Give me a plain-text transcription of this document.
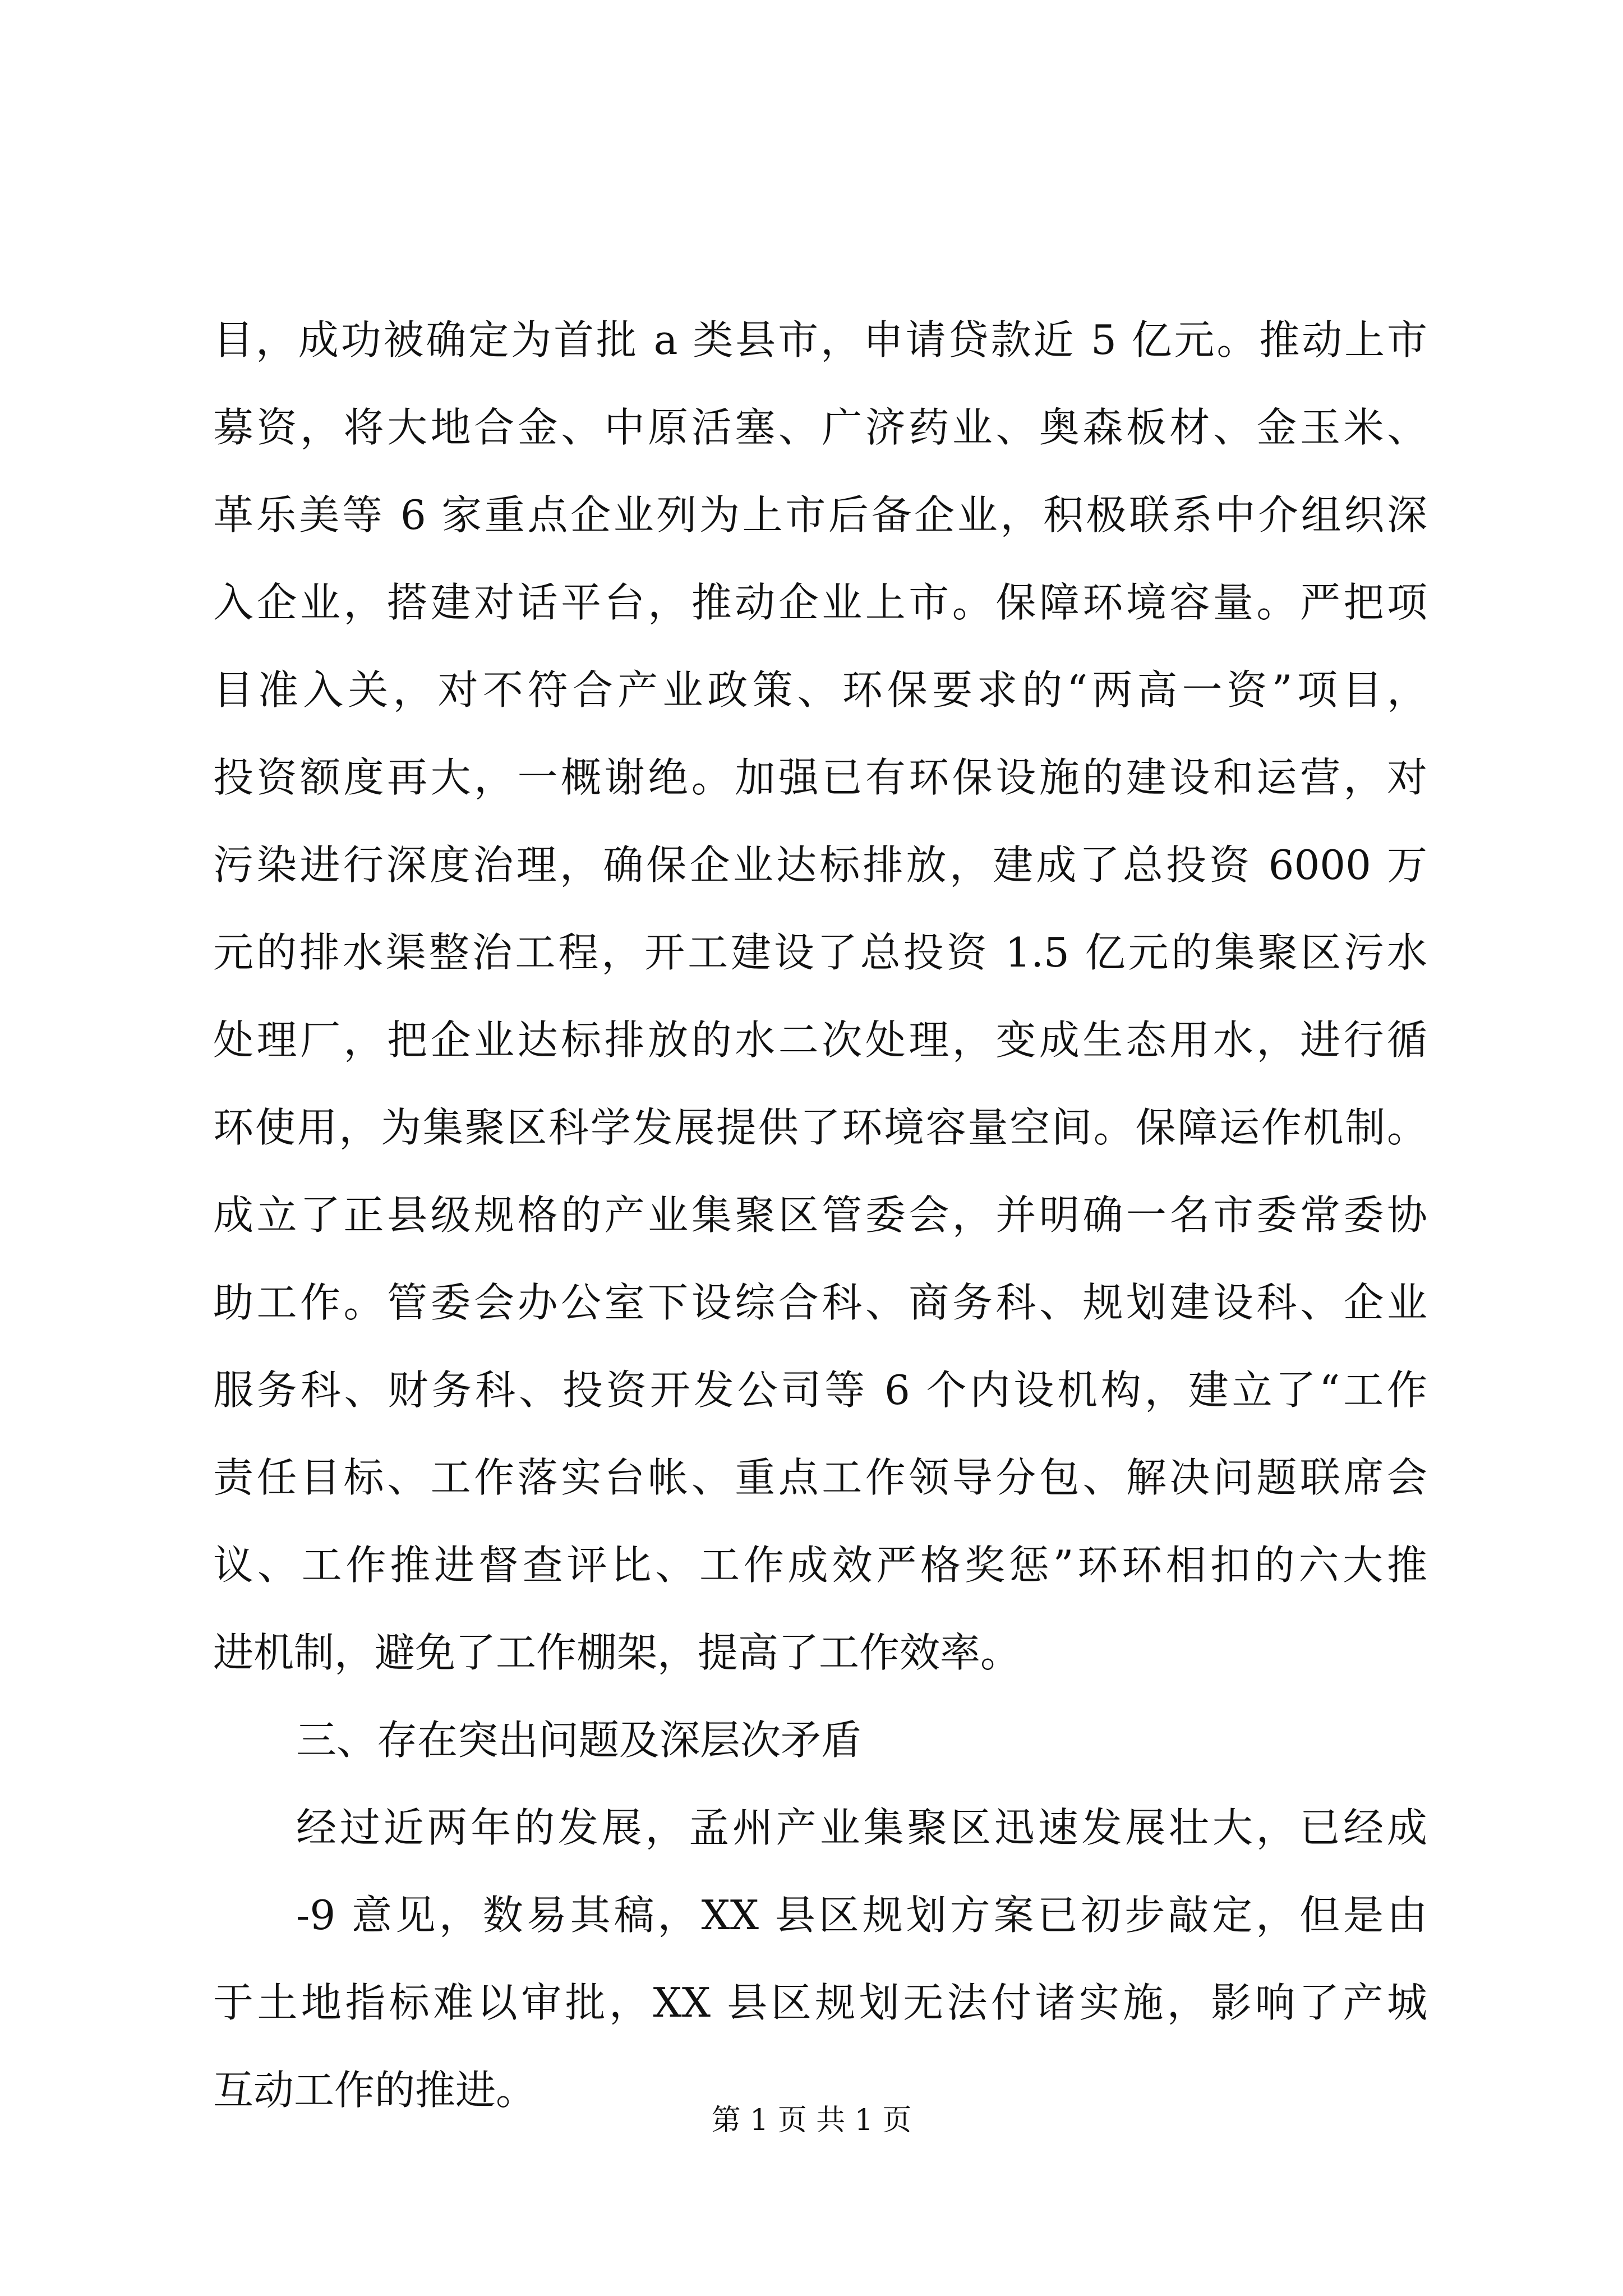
目，成功被确定为首批 a 类县市，申请贷款近 5 亿元。推动上市
募资，将大地合金、中原活塞、广济药业、奥森板材、金玉米、
革乐美等 6 家重点企业列为上市后备企业，积极联系中介组织深
入企业，搭建对话平台，推动企业上市。保障环境容量。严把项
目准入关，对不符合产业政策、环保要求的“两高一资”项目，
投资额度再大，一概谢绝。加强已有环保设施的建设和运营，对
污染进行深度治理，确保企业达标排放，建成了总投资 6000 万
元的排水渠整治工程，开工建设了总投资 1.5 亿元的集聚区污水
处理厂，把企业达标排放的水二次处理，变成生态用水，进行循
环使用，为集聚区科学发展提供了环境容量空间。保障运作机制。
成立了正县级规格的产业集聚区管委会，并明确一名市委常委协
助工作。管委会办公室下设综合科、商务科、规划建设科、企业
服务科、财务科、投资开发公司等 6 个内设机构，建立了“工作
责任目标、工作落实台帐、重点工作领导分包、解决问题联席会
议、工作推进督查评比、工作成效严格奖惩”环环相扣的六大推
进机制，避免了工作棚架，提高了工作效率。
三、存在突出问题及深层次矛盾
经过近两年的发展，孟州产业集聚区迅速发展壮大，已经成
-9 意见，数易其稿，XX 县区规划方案已初步敲定，但是由
于土地指标难以审批，XX 县区规划无法付诸实施，影响了产城
互动工作的推进。
第 1 页 共 1 页
